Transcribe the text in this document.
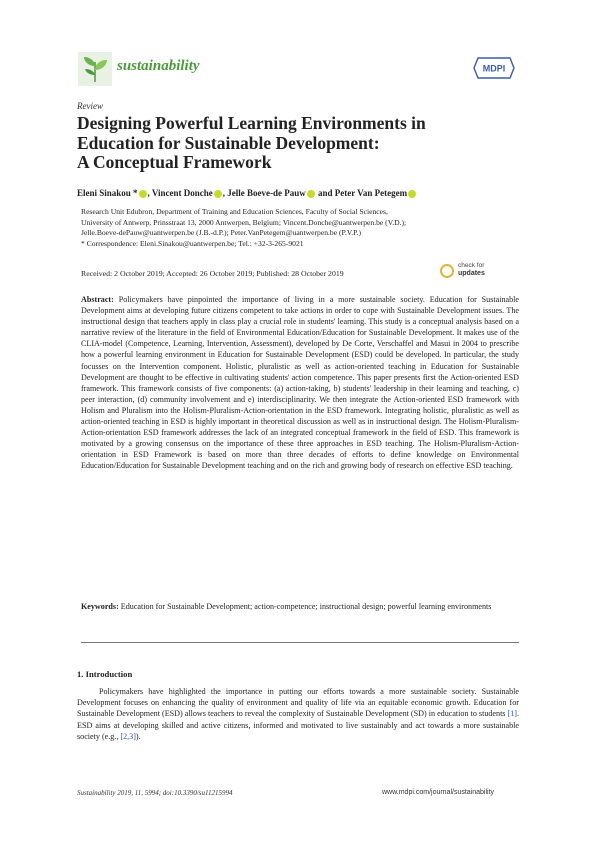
sustainability	MDPI
Review
Designing Powerful Learning Environments in
Education for Sustainable Development:
A Conceptual Framework
Eleni Sinakou * , Vincent Donche , Jelle Boeve-de Pauw and Peter Van Petegem
Research Unit Edubron, Department of Training and Education Sciences, Faculty of Social Sciences,
University of Antwerp, Prinsstraat 13, 2000 Antwerpen, Belgium; Vincent.Donche@uantwerpen.be (V.D.);
Jelle.Boeve-dePauw@uantwerpen.be (J.B.-d.P.); Peter.VanPetegem@uantwerpen.be (P.V.P.)
* Correspondence: Eleni.Sinakou@uantwerpen.be; Tel.: +32-3-265-9021
Received: 2 October 2019; Accepted: 26 October 2019; Published: 28 October 2019
check for
updates
Abstract: Policymakers have pinpointed the importance of living in a more sustainable society. Education for Sustainable Development aims at developing future citizens competent to take actions in order to cope with Sustainable Development issues. The instructional design that teachers apply in class play a crucial role in students' learning. This study is a conceptual analysis based on a narrative review of the literature in the field of Environmental Education/Education for Sustainable Development. It makes use of the CLIA-model (Competence, Learning, Intervention, Assessment), developed by De Corte, Verschaffel and Masui in 2004 to prescribe how a powerful learning environment in Education for Sustainable Development (ESD) could be developed. In particular, the study focusses on the Intervention component. Holistic, pluralistic as well as action-oriented teaching in Education for Sustainable Development are thought to be effective in cultivating students' action competence. This paper presents first the Action-oriented ESD framework. This framework consists of five components: (a) action-taking, b) students' leadership in their learning and teaching, c) peer interaction, (d) community involvement and e) interdisciplinarity. We then integrate the Action-oriented ESD framework with Holism and Pluralism into the Holism-Pluralism-Action-orientation in the ESD framework. Integrating holistic, pluralistic as well as action-oriented teaching in ESD is highly important in theoretical discussion as well as in instructional design. The Holism-Pluralism-Action-orientation ESD framework addresses the lack of an integrated conceptual framework in the field of ESD. This framework is motivated by a growing consensus on the importance of these three approaches in ESD teaching. The Holism-Pluralism-Action-orientation in ESD Framework is based on more than three decades of efforts to define knowledge on Environmental Education/Education for Sustainable Development teaching and on the rich and growing body of research on effective ESD teaching.
Keywords: Education for Sustainable Development; action-competence; instructional design; powerful learning environments
1. Introduction
Policymakers have highlighted the importance in putting our efforts towards a more sustainable society. Sustainable Development focuses on enhancing the quality of environment and quality of life via an equitable economic growth. Education for Sustainable Development (ESD) allows teachers to reveal the complexity of Sustainable Development (SD) in education to students [1]. ESD aims at developing skilled and active citizens, informed and motivated to live sustainably and act towards a more sustainable society (e.g., [2,3]).
Sustainability 2019, 11, 5994; doi:10.3390/su11215994	www.mdpi.com/journal/sustainability
